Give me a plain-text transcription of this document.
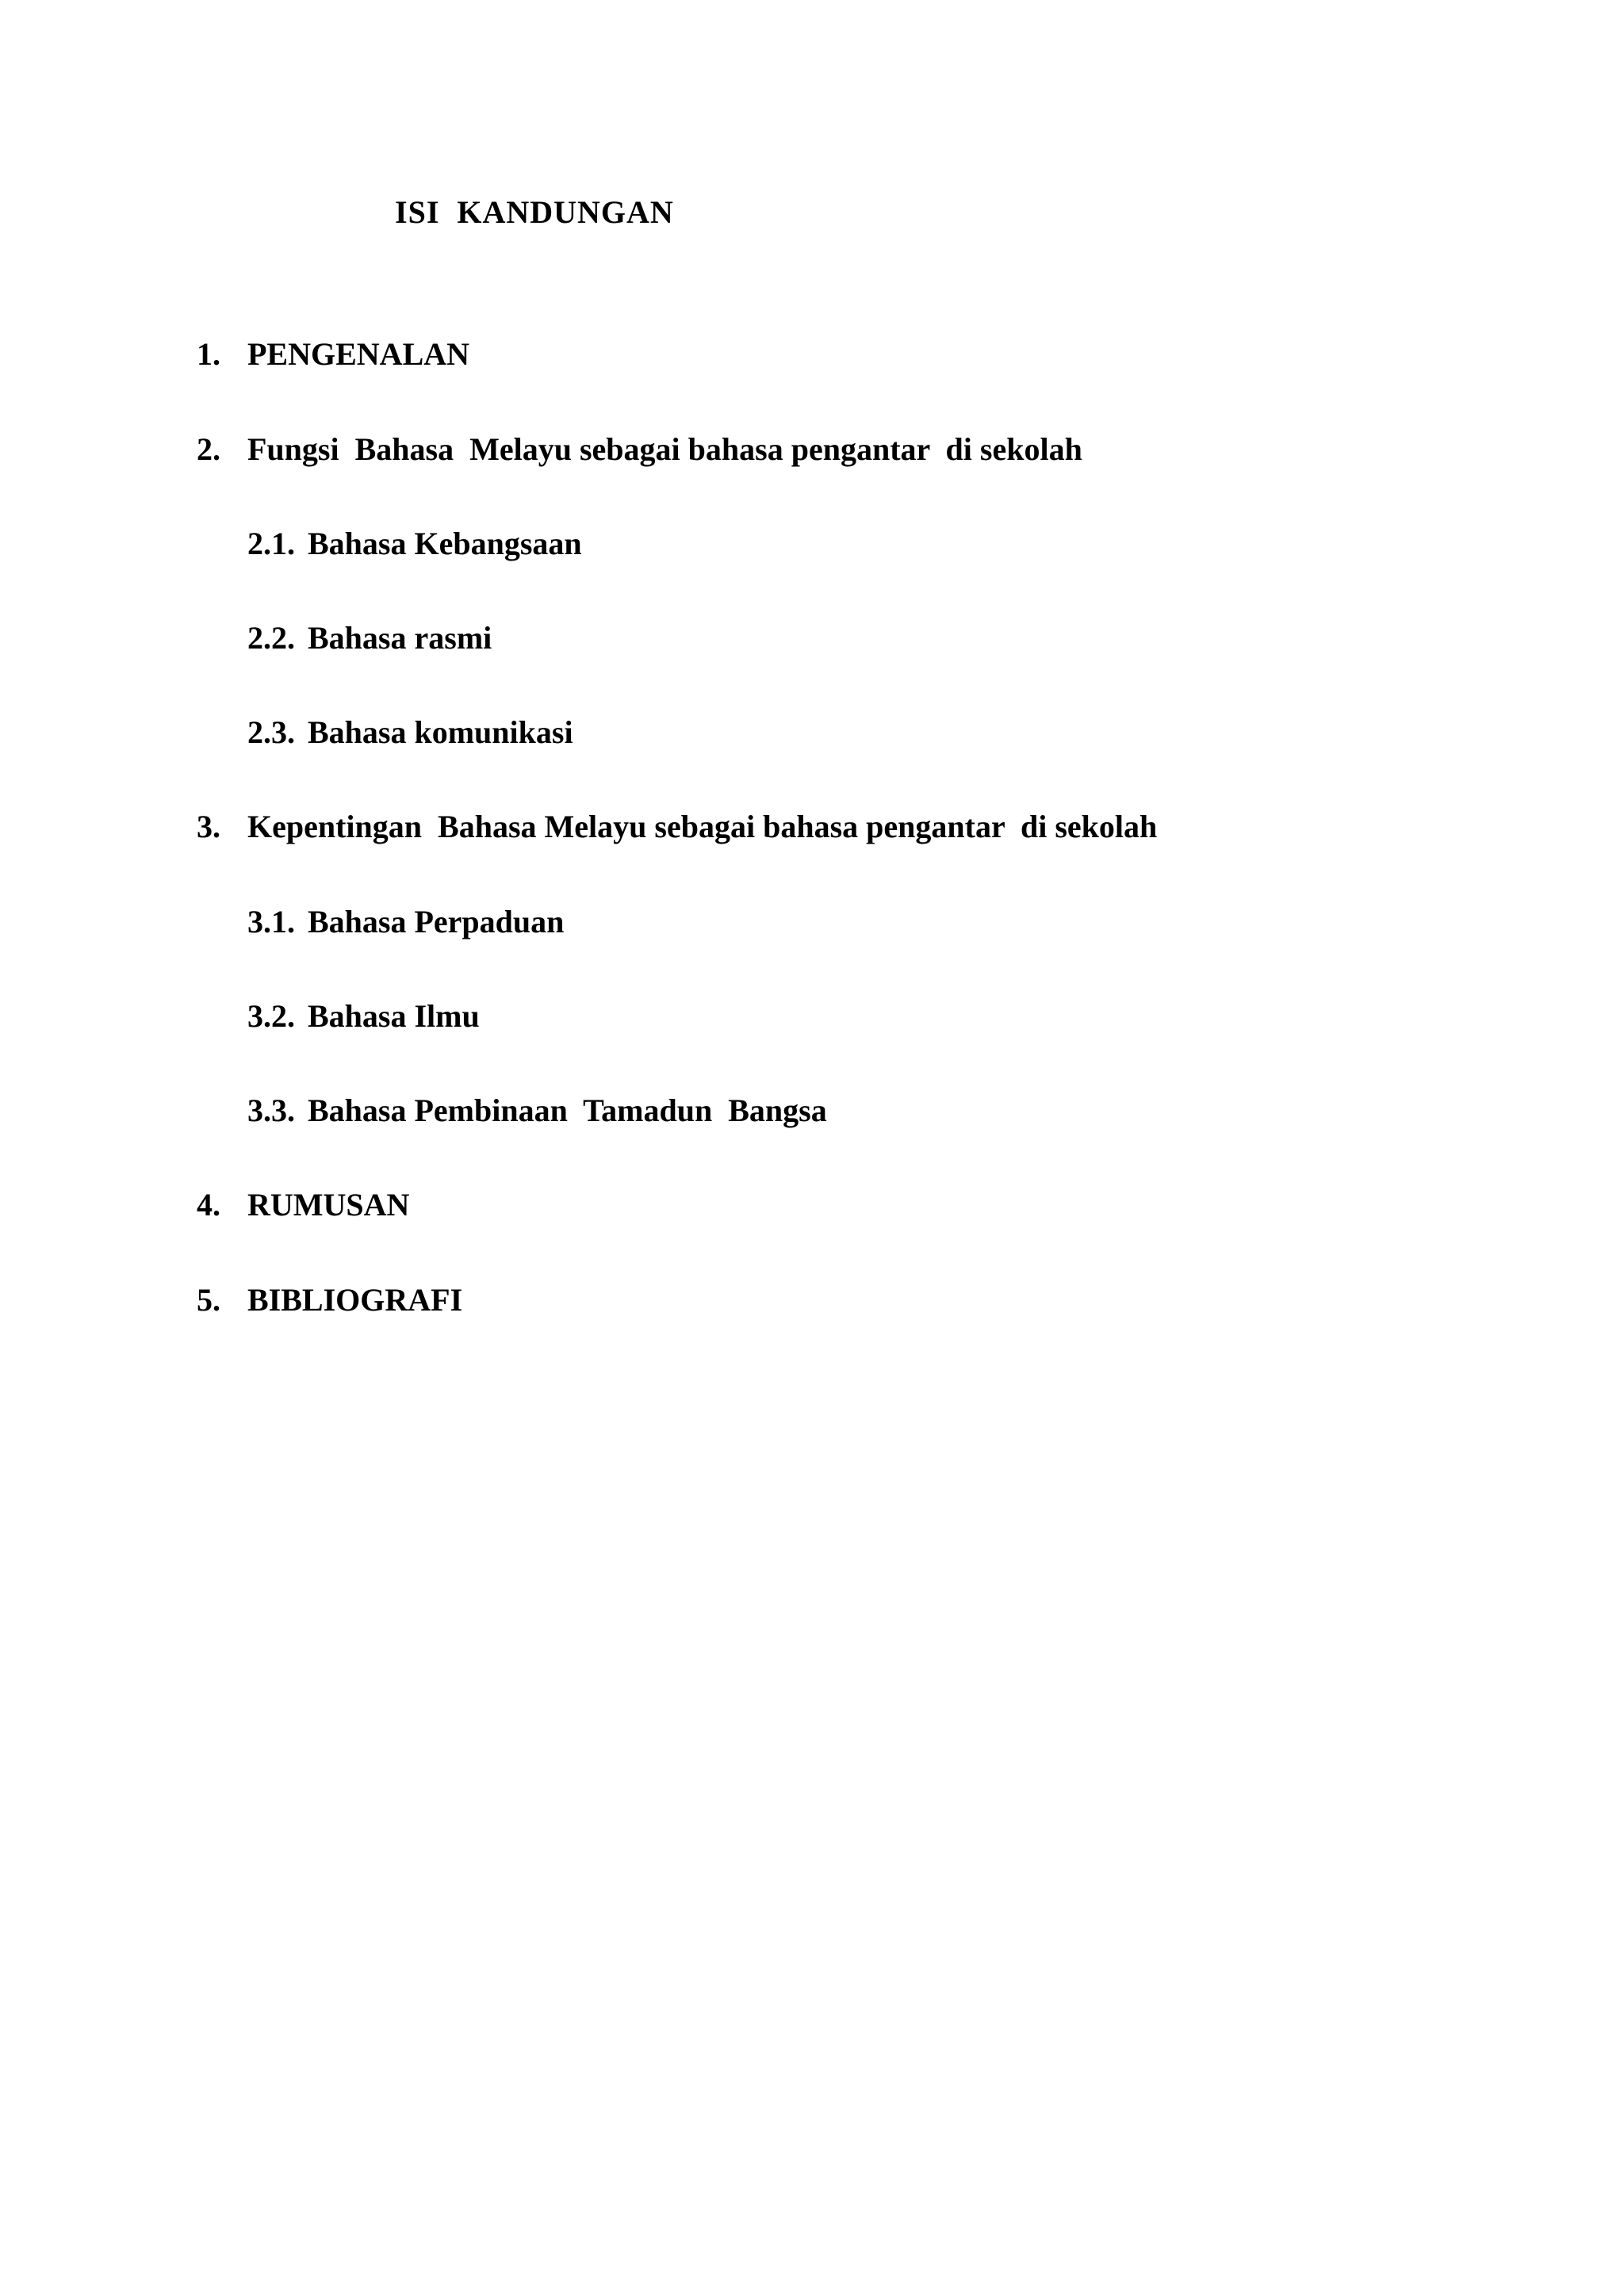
ISI  KANDUNGAN

1.

PENGENALAN

2.

Fungsi  Bahasa  Melayu sebagai bahasa pengantar  di sekolah

2.1.

Bahasa Kebangsaan

2.2.

Bahasa rasmi

2.3.

Bahasa komunikasi

3.

Kepentingan  Bahasa Melayu sebagai bahasa pengantar  di sekolah

3.1.

Bahasa Perpaduan

3.2.

Bahasa Ilmu

3.3.

Bahasa Pembinaan  Tamadun  Bangsa

4.

RUMUSAN

5.

BIBLIOGRAFI
